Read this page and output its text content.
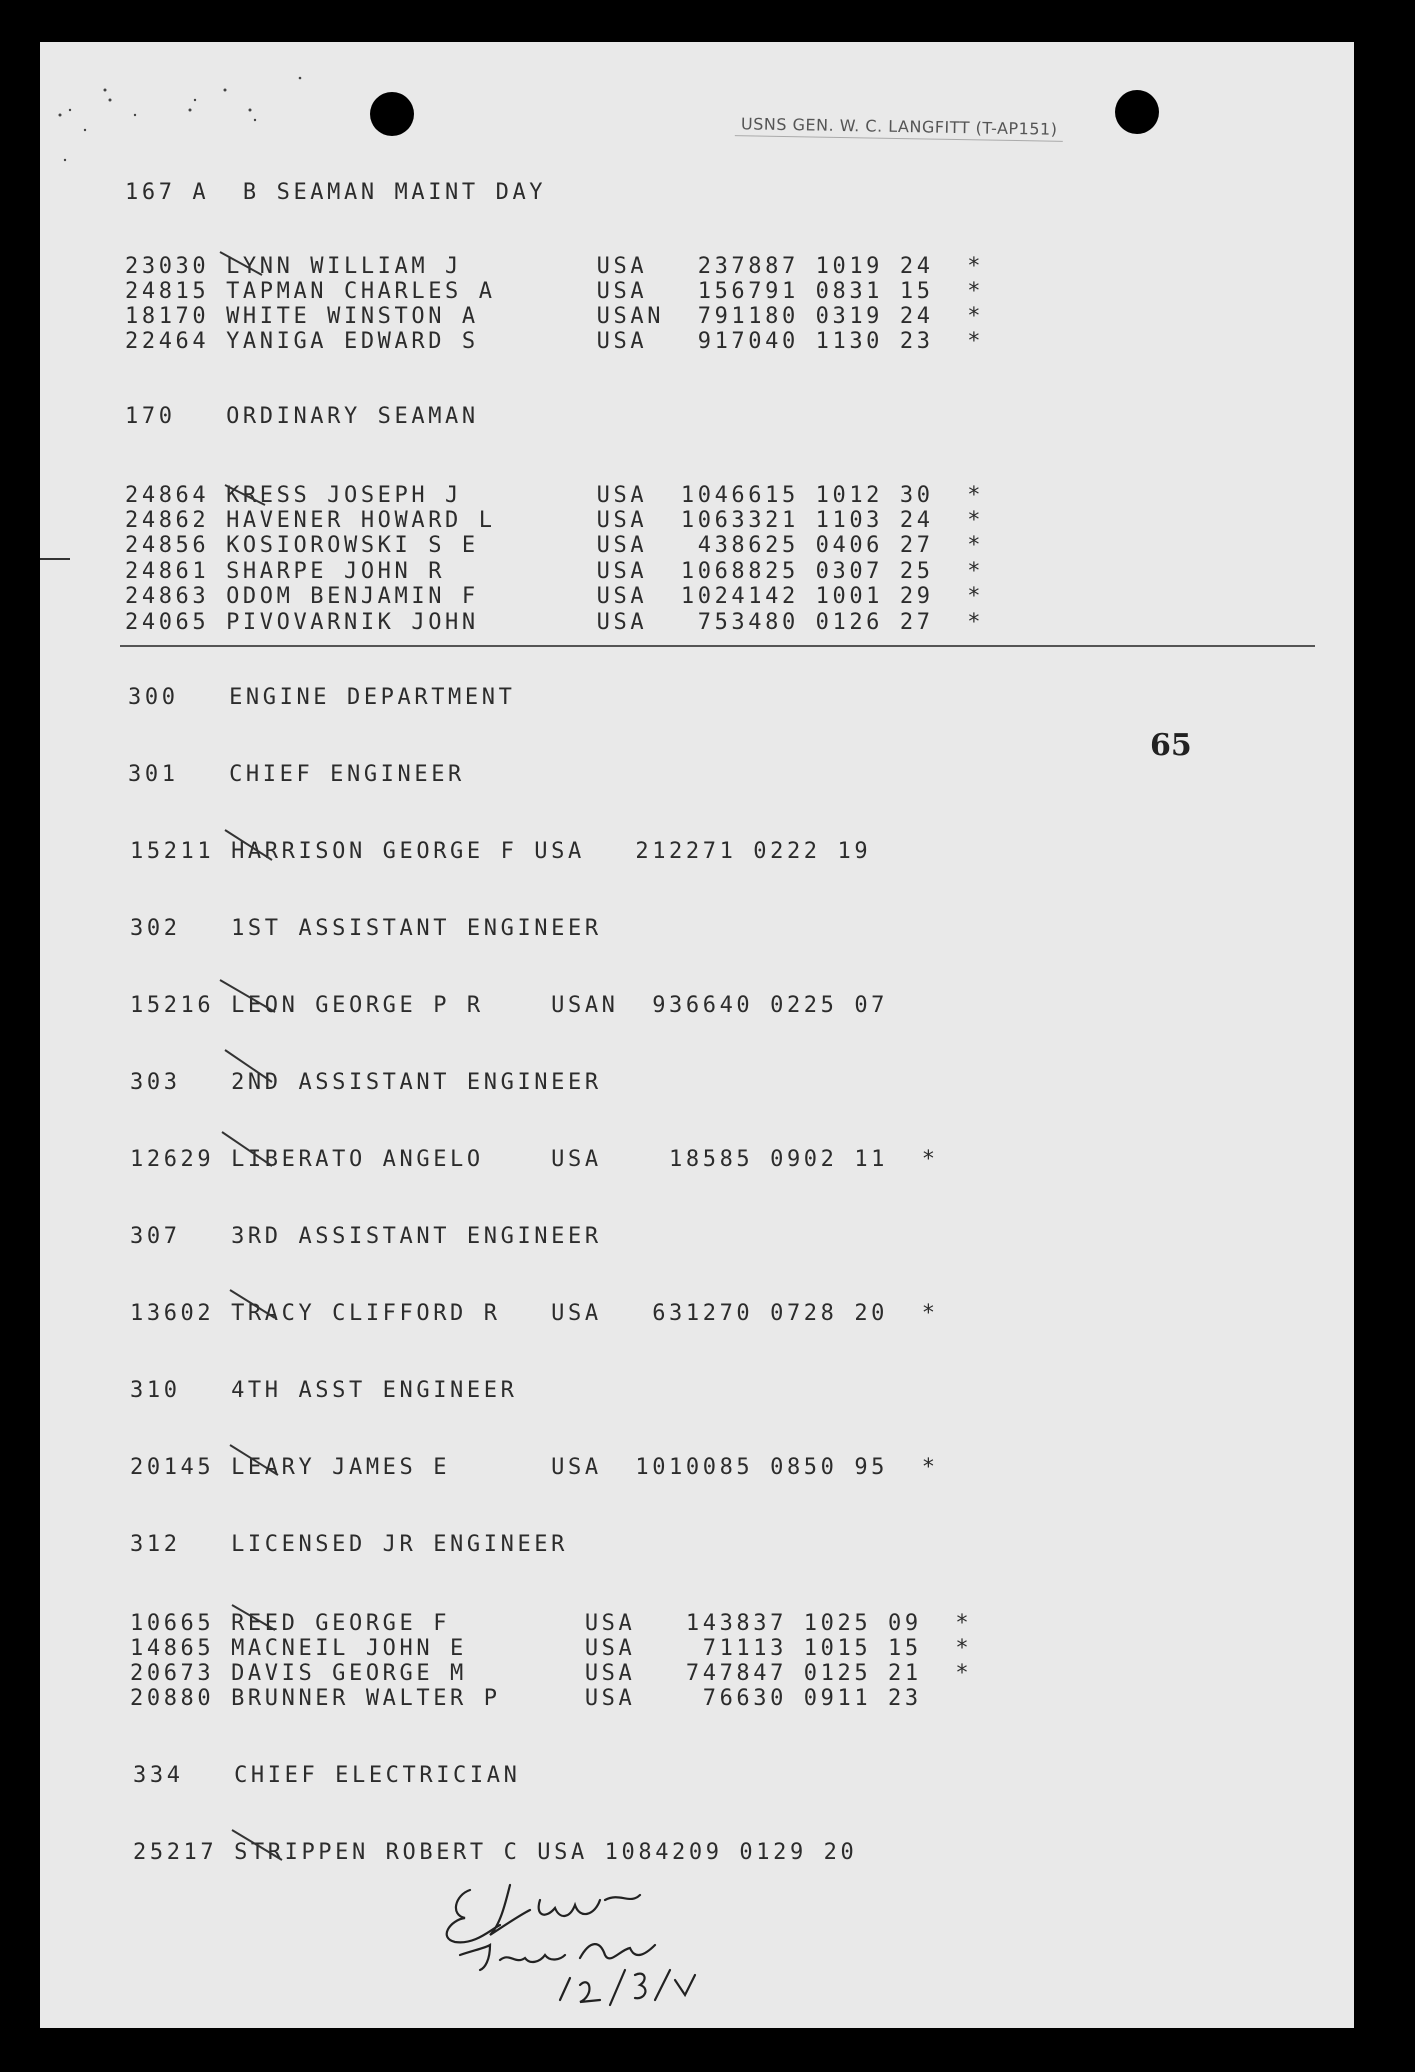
USNS GEN. W. C. LANGFITT (T-AP151)
167 A  B SEAMAN MAINT DAY
23030 LYNN WILLIAM J        USA   237887 1019 24  *
24815 TAPMAN CHARLES A      USA   156791 0831 15  *
18170 WHITE WINSTON A       USAN  791180 0319 24  *
22464 YANIGA EDWARD S       USA   917040 1130 23  *
170   ORDINARY SEAMAN
24864 KRESS JOSEPH J        USA  1046615 1012 30  *
24862 HAVENER HOWARD L      USA  1063321 1103 24  *
24856 KOSIOROWSKI S E       USA   438625 0406 27  *
24861 SHARPE JOHN R         USA  1068825 0307 25  *
24863 ODOM BENJAMIN F       USA  1024142 1001 29  *
24065 PIVOVARNIK JOHN       USA   753480 0126 27  *
300   ENGINE DEPARTMENT
301   CHIEF ENGINEER
15211 HARRISON GEORGE F USA   212271 0222 19
302   1ST ASSISTANT ENGINEER
15216 LEON GEORGE P R    USAN  936640 0225 07
303   2ND ASSISTANT ENGINEER
12629 LIBERATO ANGELO    USA    18585 0902 11  *
307   3RD ASSISTANT ENGINEER
13602 TRACY CLIFFORD R   USA   631270 0728 20  *
310   4TH ASST ENGINEER
20145 LEARY JAMES E      USA  1010085 0850 95  *
312   LICENSED JR ENGINEER
10665 REED GEORGE F        USA   143837 1025 09  *
14865 MACNEIL JOHN E       USA    71113 1015 15  *
20673 DAVIS GEORGE M       USA   747847 0125 21  *
20880 BRUNNER WALTER P     USA    76630 0911 23
334   CHIEF ELECTRICIAN
25217 STRIPPEN ROBERT C USA 1084209 0129 20
65
